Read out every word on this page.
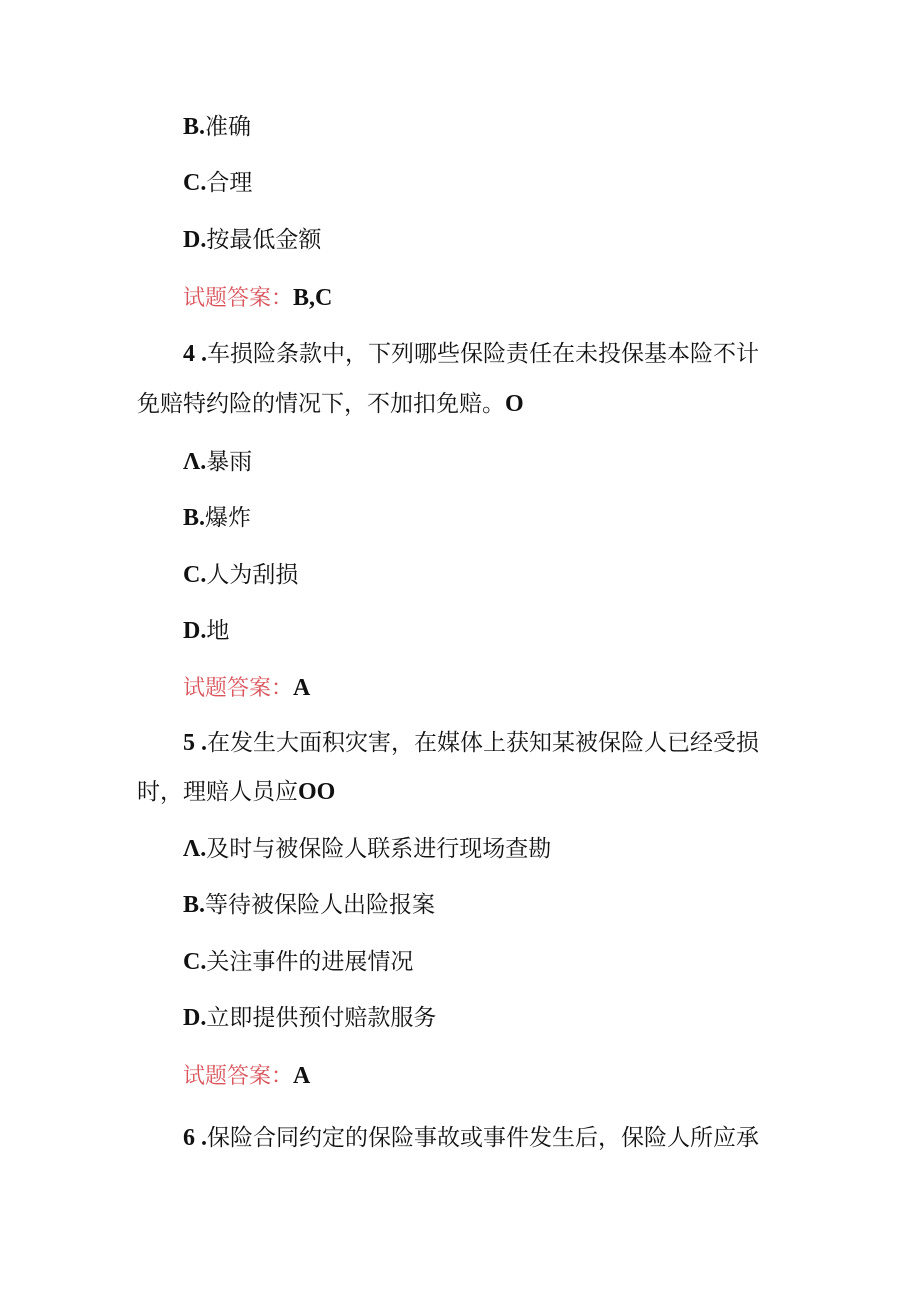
B.准确
C.合理
D.按最低金额
试题答案：B,C
4 .车损险条款中，下列哪些保险责任在未投保基本险不计
免赔特约险的情况下，不加扣免赔。O
Λ.暴雨
B.爆炸
C.人为刮损
D.地
试题答案：A
5 .在发生大面积灾害，在媒体上获知某被保险人已经受损
时，理赔人员应OO
Λ.及时与被保险人联系进行现场查勘
B.等待被保险人出险报案
C.关注事件的进展情况
D.立即提供预付赔款服务
试题答案：A
6 .保险合同约定的保险事故或事件发生后，保险人所应承
